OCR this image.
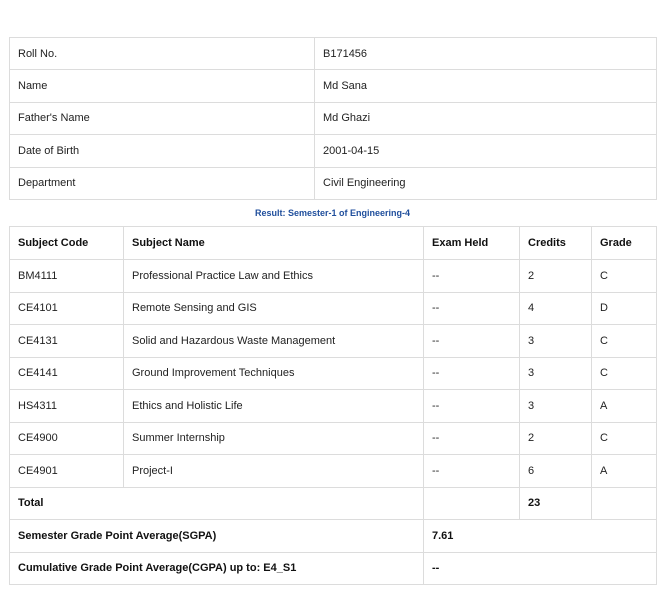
Roll No.	B171456
Name	Md Sana
Father's Name	Md Ghazi
Date of Birth	2001-04-15
Department	Civil Engineering
Result: Semester-1 of Engineering-4
Subject Code	Subject Name	Exam Held	Credits	Grade
BM4111	Professional Practice Law and Ethics	--	2	C
CE4101	Remote Sensing and GIS	--	4	D
CE4131	Solid and Hazardous Waste Management	--	3	C
CE4141	Ground Improvement Techniques	--	3	C
HS4311	Ethics and Holistic Life	--	3	A
CE4900	Summer Internship	--	2	C
CE4901	Project-I	--	6	A
Total			23	
Semester Grade Point Average(SGPA)		7.61		
Cumulative Grade Point Average(CGPA) up to: E4_S1		--		
